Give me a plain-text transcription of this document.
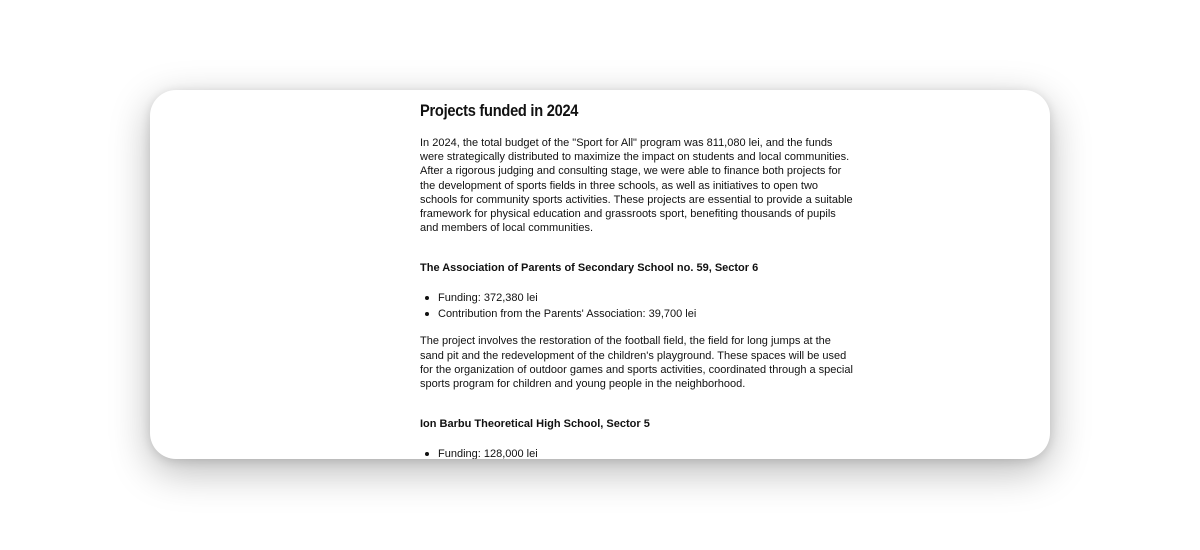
Projects funded in 2024

In 2024, the total budget of the "Sport for All" program was 811,080 lei, and the funds were strategically distributed to maximize the impact on students and local communities. After a rigorous judging and consulting stage, we were able to finance both projects for the development of sports fields in three schools, as well as initiatives to open two schools for community sports activities. These projects are essential to provide a suitable framework for physical education and grassroots sport, benefiting thousands of pupils and members of local communities.

The Association of Parents of Secondary School no. 59, Sector 6
Funding: 372,380 lei
Contribution from the Parents' Association: 39,700 lei

The project involves the restoration of the football field, the field for long jumps at the sand pit and the redevelopment of the children's playground. These spaces will be used for the organization of outdoor games and sports activities, coordinated through a special sports program for children and young people in the neighborhood.

Ion Barbu Theoretical High School, Sector 5
Funding: 128,000 lei
